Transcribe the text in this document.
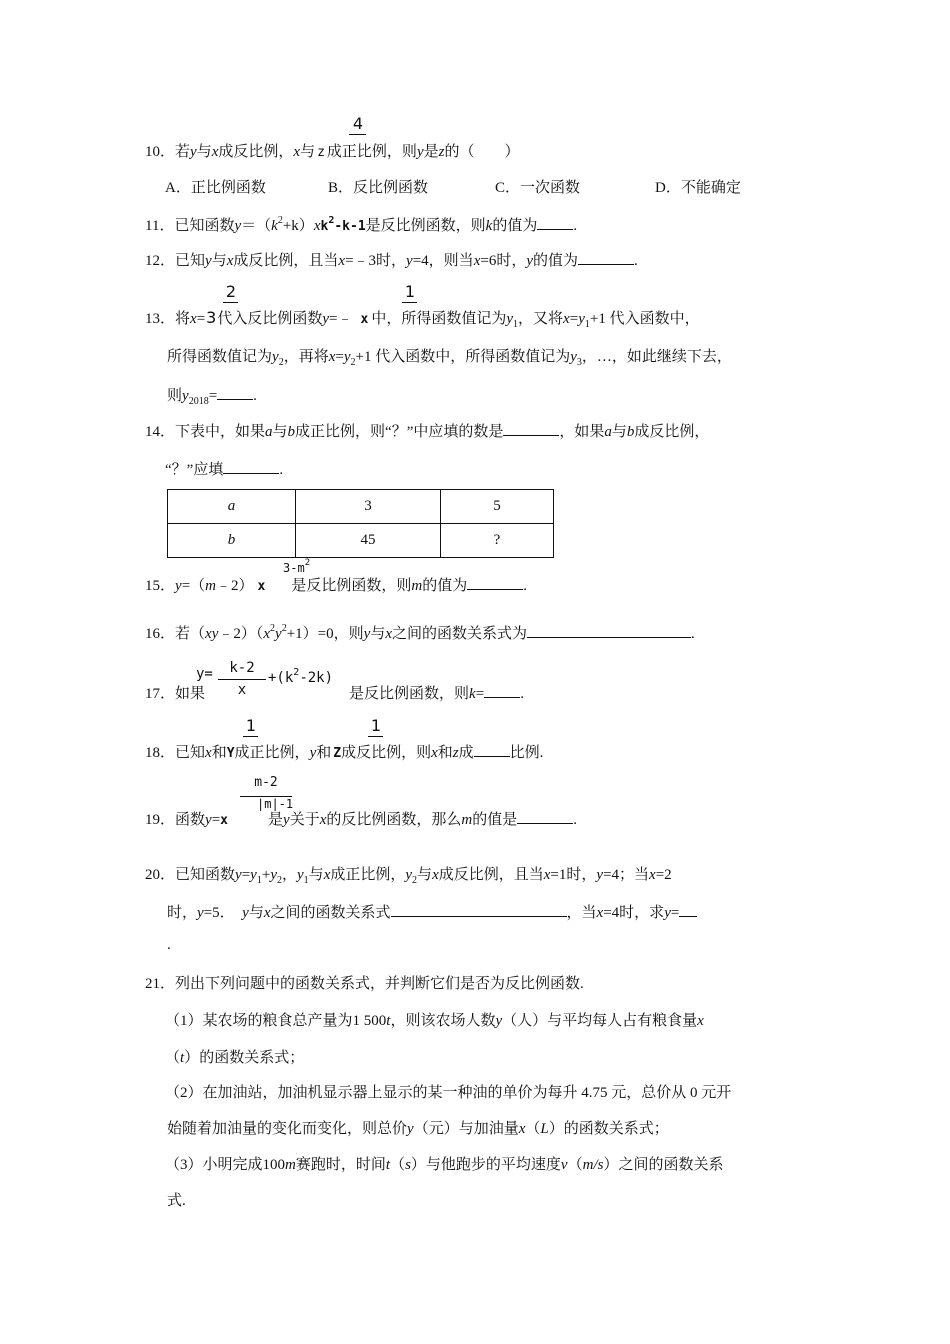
4
10．若y与x成反比例，x与 z 成正比例，则y是z的（　　）
A．正比例函数	B．反比例函数	C．一次函数	D．不能确定
11．已知函数$y=(k^2+k)xk^2-k-1$是反比例函数，则k的值为 .
12．已知y与x成反比例，且当x=﹣3时，y=4，则当x=6时，y的值为	.
2	1
13．将x=3代入反比例函数y=﹣ x 中，所得函数值记为$y_1$，又将$x=y_1+1$ 代入函数中，
所得函数值记为$y_2$，再将$x=y_2+1$ 代入函数中，所得函数值记为$y_3$，…，如此继续下去，
则$y_{2018}=$ .
14．下表中，如果a与b成正比例，则“？”中应填的数是	，如果a与b成反比例，
“？”应填	.
a	3	5
b	45	?
$3-m^2$
15．y=（m﹣2） x 是反比例函数，则m的值为	.
16．若$(xy﹣2)(x^2y^2+1)=0$，则y与x之间的函数关系式为	.
y=	k-2
x
$+(k^2-2k)$
17．如果	是反比例函数，则k= .
1	1
18．已知x和Y成正比例，y和 Z成反比例，则x和z成 比例.
m-2
|m|-1
19．函数y=x	是y关于x的反比例函数，那么m的值是	.
20．已知函数$y=y_1+y_2$，$y_1$与x成正比例，$y_2$与x成反比例，且当x=1时，y=4；当x=2
时，y=5． y与x之间的函数关系式	，当x=4时，求y=
.
21．列出下列问题中的函数关系式，并判断它们是否为反比例函数.
（1）某农场的粮食总产量为1 500t，则该农场人数y（人）与平均每人占有粮食量x
（t）的函数关系式；
（2）在加油站，加油机显示器上显示的某一种油的单价为每升 4.75 元，总价从 0 元开
始随着加油量的变化而变化，则总价y（元）与加油量x（L）的函数关系式；
（3）小明完成100m赛跑时，时间t（s）与他跑步的平均速度v（m/s）之间的函数关系
式.
